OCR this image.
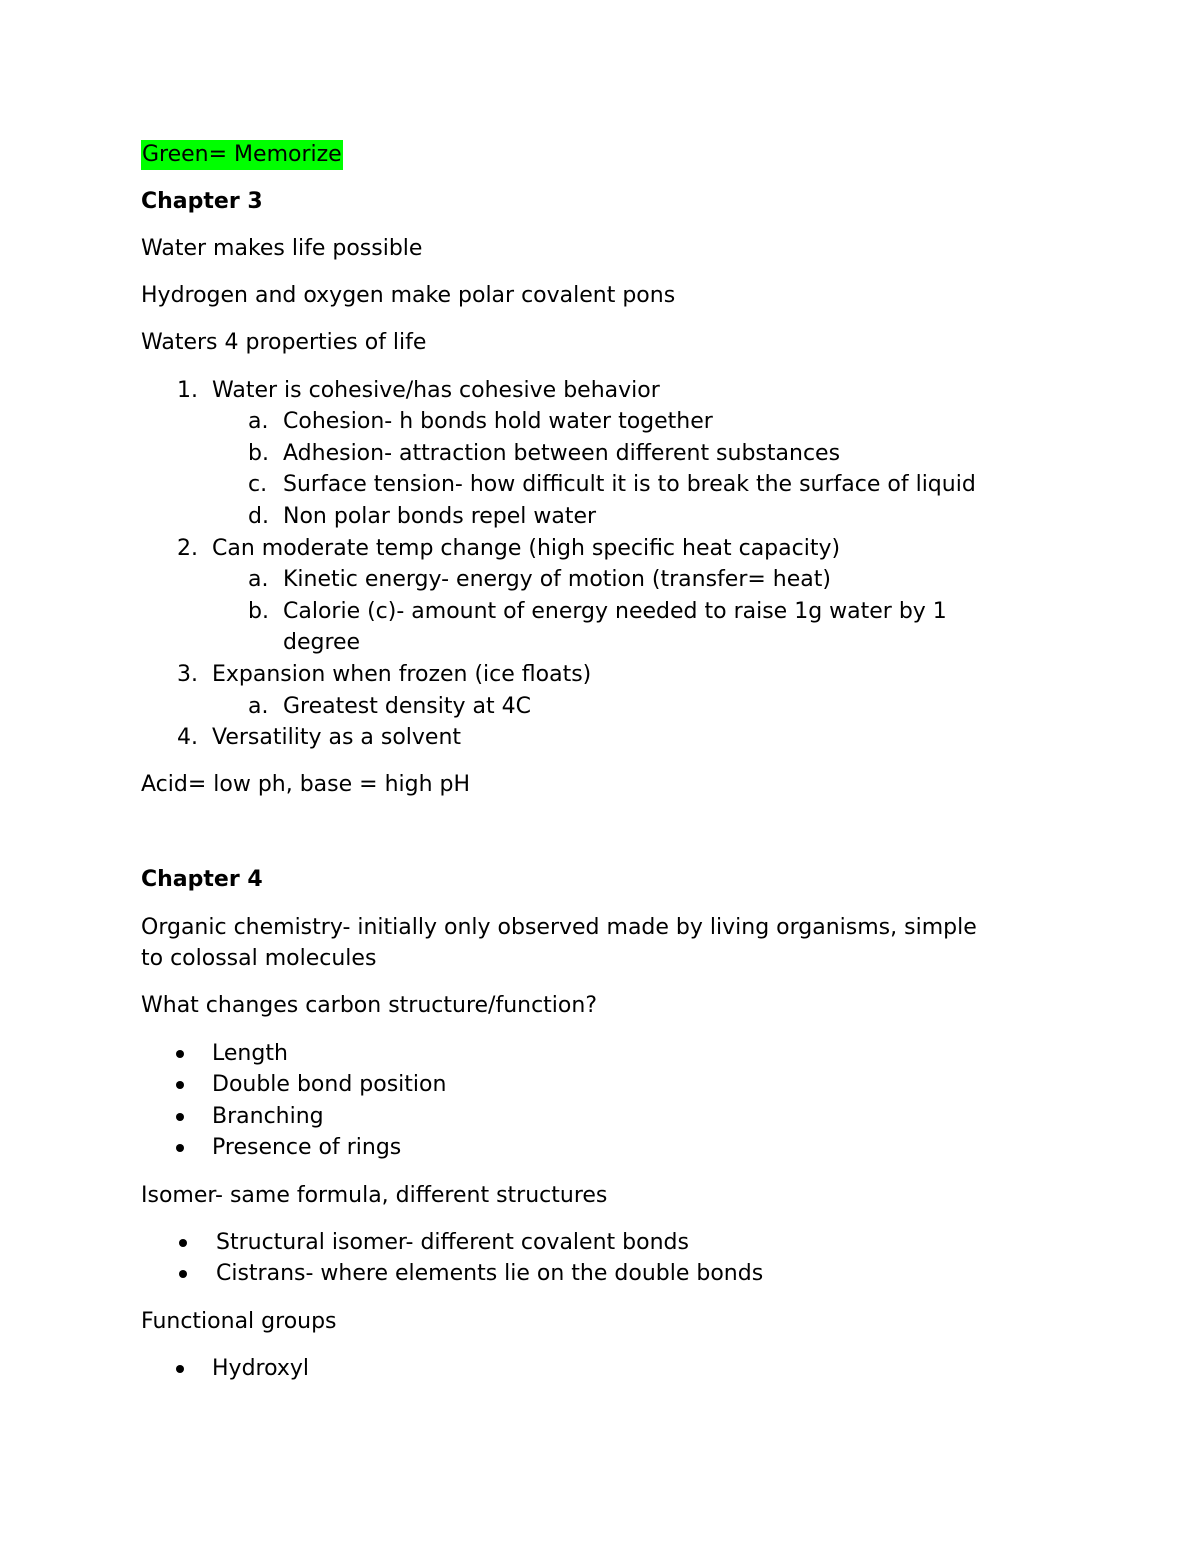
Green= Memorize
Chapter 3
Water makes life possible
Hydrogen and oxygen make polar covalent pons
Waters 4 properties of life
1. Water is cohesive/has cohesive behavior
a. Cohesion- h bonds hold water together
b. Adhesion- attraction between different substances
c. Surface tension- how difficult it is to break the surface of liquid
d. Non polar bonds repel water
2. Can moderate temp change (high specific heat capacity)
a. Kinetic energy- energy of motion (transfer= heat)
b. Calorie (c)- amount of energy needed to raise 1g water by 1
degree
3. Expansion when frozen (ice floats)
a. Greatest density at 4C
4. Versatility as a solvent
Acid= low ph, base = high pH
Chapter 4
Organic chemistry- initially only observed made by living organisms, simple
to colossal molecules
What changes carbon structure/function?
Length
Double bond position
Branching
Presence of rings
Isomer- same formula, different structures
Structural isomer- different covalent bonds
Cistrans- where elements lie on the double bonds
Functional groups
Hydroxyl
